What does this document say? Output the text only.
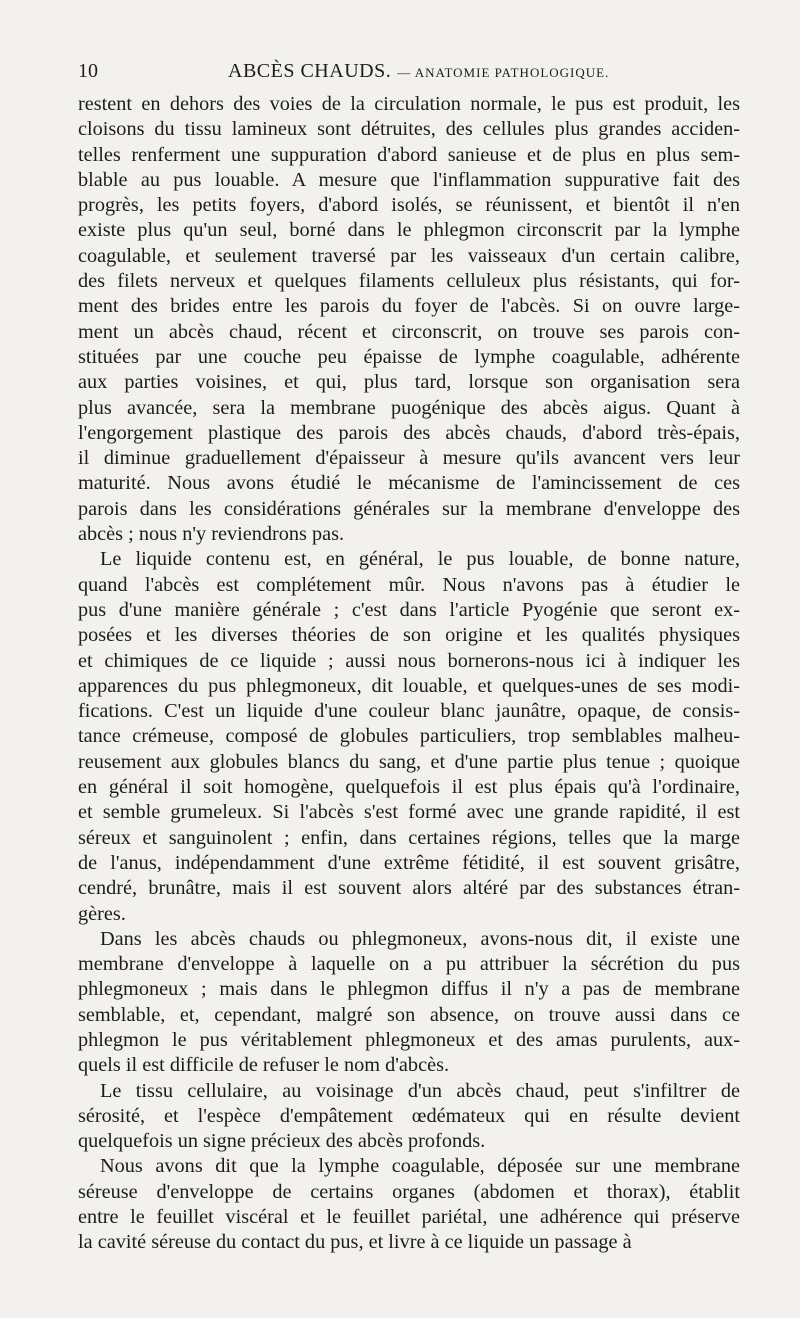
10	ABCÈS CHAUDS. — ANATOMIE PATHOLOGIQUE.
restent en dehors des voies de la circulation normale, le pus est produit, les
cloisons du tissu lamineux sont détruites, des cellules plus grandes acciden-
telles renferment une suppuration d'abord sanieuse et de plus en plus sem-
blable au pus louable. A mesure que l'inflammation suppurative fait des
progrès, les petits foyers, d'abord isolés, se réunissent, et bientôt il n'en
existe plus qu'un seul, borné dans le phlegmon circonscrit par la lymphe
coagulable, et seulement traversé par les vaisseaux d'un certain calibre,
des filets nerveux et quelques filaments celluleux plus résistants, qui for-
ment des brides entre les parois du foyer de l'abcès. Si on ouvre large-
ment un abcès chaud, récent et circonscrit, on trouve ses parois con-
stituées par une couche peu épaisse de lymphe coagulable, adhérente
aux parties voisines, et qui, plus tard, lorsque son organisation sera
plus avancée, sera la membrane puogénique des abcès aigus. Quant à
l'engorgement plastique des parois des abcès chauds, d'abord très-épais,
il diminue graduellement d'épaisseur à mesure qu'ils avancent vers leur
maturité. Nous avons étudié le mécanisme de l'amincissement de ces
parois dans les considérations générales sur la membrane d'enveloppe des
abcès ; nous n'y reviendrons pas.
Le liquide contenu est, en général, le pus louable, de bonne nature,
quand l'abcès est complétement mûr. Nous n'avons pas à étudier le
pus d'une manière générale ; c'est dans l'article Pyogénie que seront ex-
posées et les diverses théories de son origine et les qualités physiques
et chimiques de ce liquide ; aussi nous bornerons-nous ici à indiquer les
apparences du pus phlegmoneux, dit louable, et quelques-unes de ses modi-
fications. C'est un liquide d'une couleur blanc jaunâtre, opaque, de consis-
tance crémeuse, composé de globules particuliers, trop semblables malheu-
reusement aux globules blancs du sang, et d'une partie plus tenue ; quoique
en général il soit homogène, quelquefois il est plus épais qu'à l'ordinaire,
et semble grumeleux. Si l'abcès s'est formé avec une grande rapidité, il est
séreux et sanguinolent ; enfin, dans certaines régions, telles que la marge
de l'anus, indépendamment d'une extrême fétidité, il est souvent grisâtre,
cendré, brunâtre, mais il est souvent alors altéré par des substances étran-
gères.
Dans les abcès chauds ou phlegmoneux, avons-nous dit, il existe une
membrane d'enveloppe à laquelle on a pu attribuer la sécrétion du pus
phlegmoneux ; mais dans le phlegmon diffus il n'y a pas de membrane
semblable, et, cependant, malgré son absence, on trouve aussi dans ce
phlegmon le pus véritablement phlegmoneux et des amas purulents, aux-
quels il est difficile de refuser le nom d'abcès.
Le tissu cellulaire, au voisinage d'un abcès chaud, peut s'infiltrer de
sérosité, et l'espèce d'empâtement œdémateux qui en résulte devient
quelquefois un signe précieux des abcès profonds.
Nous avons dit que la lymphe coagulable, déposée sur une membrane
séreuse d'enveloppe de certains organes (abdomen et thorax), établit
entre le feuillet viscéral et le feuillet pariétal, une adhérence qui préserve
la cavité séreuse du contact du pus, et livre à ce liquide un passage à
